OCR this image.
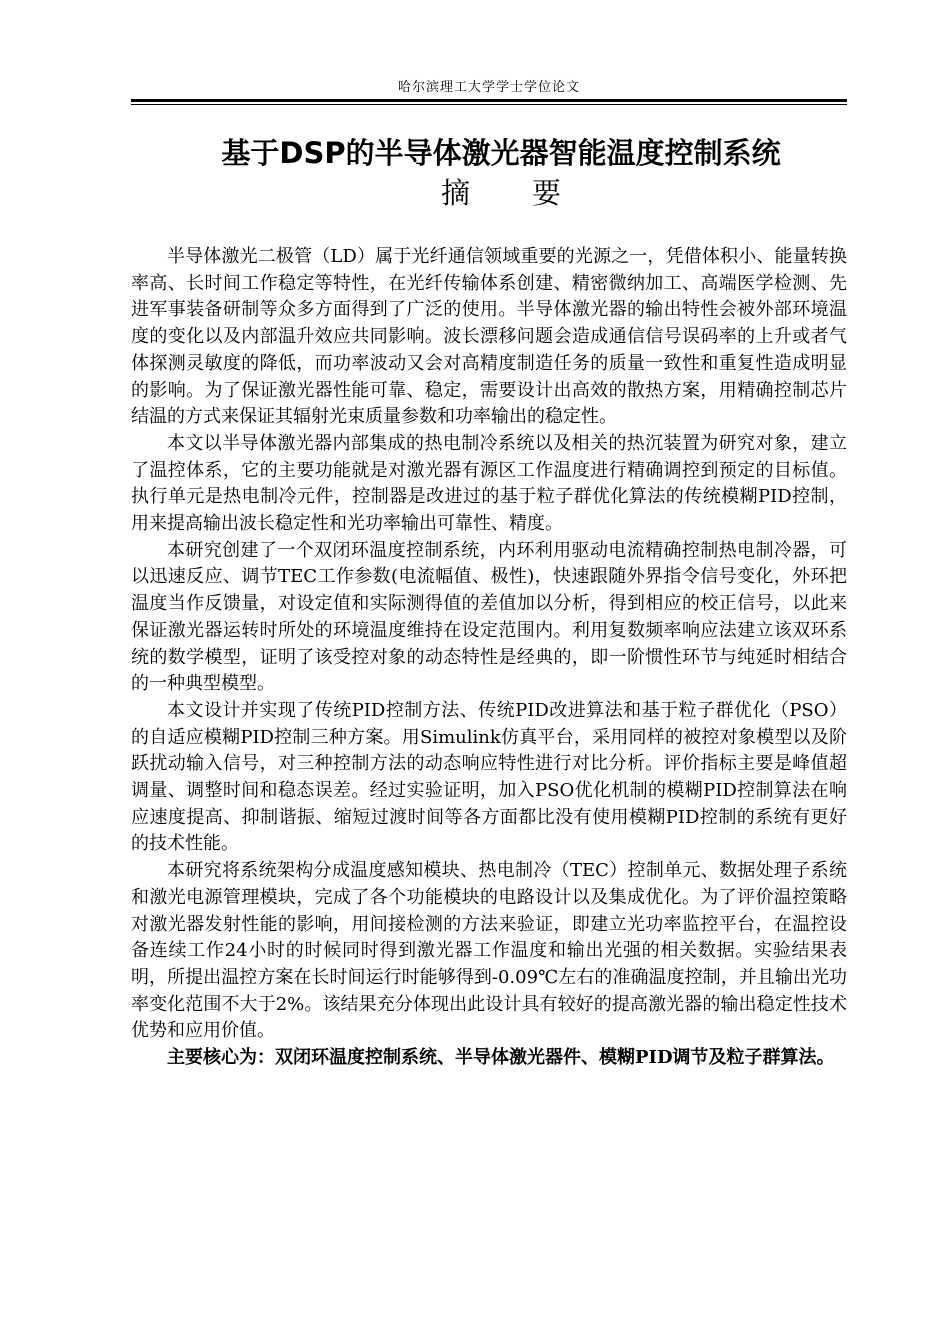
哈尔滨理工大学学士学位论文
基于DSP的半导体激光器智能温度控制系统
摘要

半导体激光二极管（LD）属于光纤通信领域重要的光源之一，凭借体积小、能量转换率高、长时间工作稳定等特性，在光纤传输体系创建、精密微纳加工、高端医学检测、先进军事装备研制等众多方面得到了广泛的使用。半导体激光器的输出特性会被外部环境温度的变化以及内部温升效应共同影响。波长漂移问题会造成通信信号误码率的上升或者气体探测灵敏度的降低，而功率波动又会对高精度制造任务的质量一致性和重复性造成明显的影响。为了保证激光器性能可靠、稳定，需要设计出高效的散热方案，用精确控制芯片结温的方式来保证其辐射光束质量参数和功率输出的稳定性。

本文以半导体激光器内部集成的热电制冷系统以及相关的热沉装置为研究对象，建立了温控体系，它的主要功能就是对激光器有源区工作温度进行精确调控到预定的目标值。执行单元是热电制冷元件，控制器是改进过的基于粒子群优化算法的传统模糊PID控制，用来提高输出波长稳定性和光功率输出可靠性、精度。

本研究创建了一个双闭环温度控制系统，内环利用驱动电流精确控制热电制冷器，可以迅速反应、调节TEC工作参数(电流幅值、极性)，快速跟随外界指令信号变化，外环把温度当作反馈量，对设定值和实际测得值的差值加以分析，得到相应的校正信号，以此来保证激光器运转时所处的环境温度维持在设定范围内。利用复数频率响应法建立该双环系统的数学模型，证明了该受控对象的动态特性是经典的，即一阶惯性环节与纯延时相结合的一种典型模型。

本文设计并实现了传统PID控制方法、传统PID改进算法和基于粒子群优化（PSO）的自适应模糊PID控制三种方案。用Simulink仿真平台，采用同样的被控对象模型以及阶跃扰动输入信号，对三种控制方法的动态响应特性进行对比分析。评价指标主要是峰值超调量、调整时间和稳态误差。经过实验证明，加入PSO优化机制的模糊PID控制算法在响应速度提高、抑制谐振、缩短过渡时间等各方面都比没有使用模糊PID控制的系统有更好的技术性能。

本研究将系统架构分成温度感知模块、热电制冷（TEC）控制单元、数据处理子系统和激光电源管理模块，完成了各个功能模块的电路设计以及集成优化。为了评价温控策略对激光器发射性能的影响，用间接检测的方法来验证，即建立光功率监控平台，在温控设备连续工作24小时的时候同时得到激光器工作温度和输出光强的相关数据。实验结果表明，所提出温控方案在长时间运行时能够得到-0.09℃左右的准确温度控制，并且输出光功率变化范围不大于2%。该结果充分体现出此设计具有较好的提高激光器的输出稳定性技术优势和应用价值。

主要核心为：双闭环温度控制系统、半导体激光器件、模糊PID调节及粒子群算法。
